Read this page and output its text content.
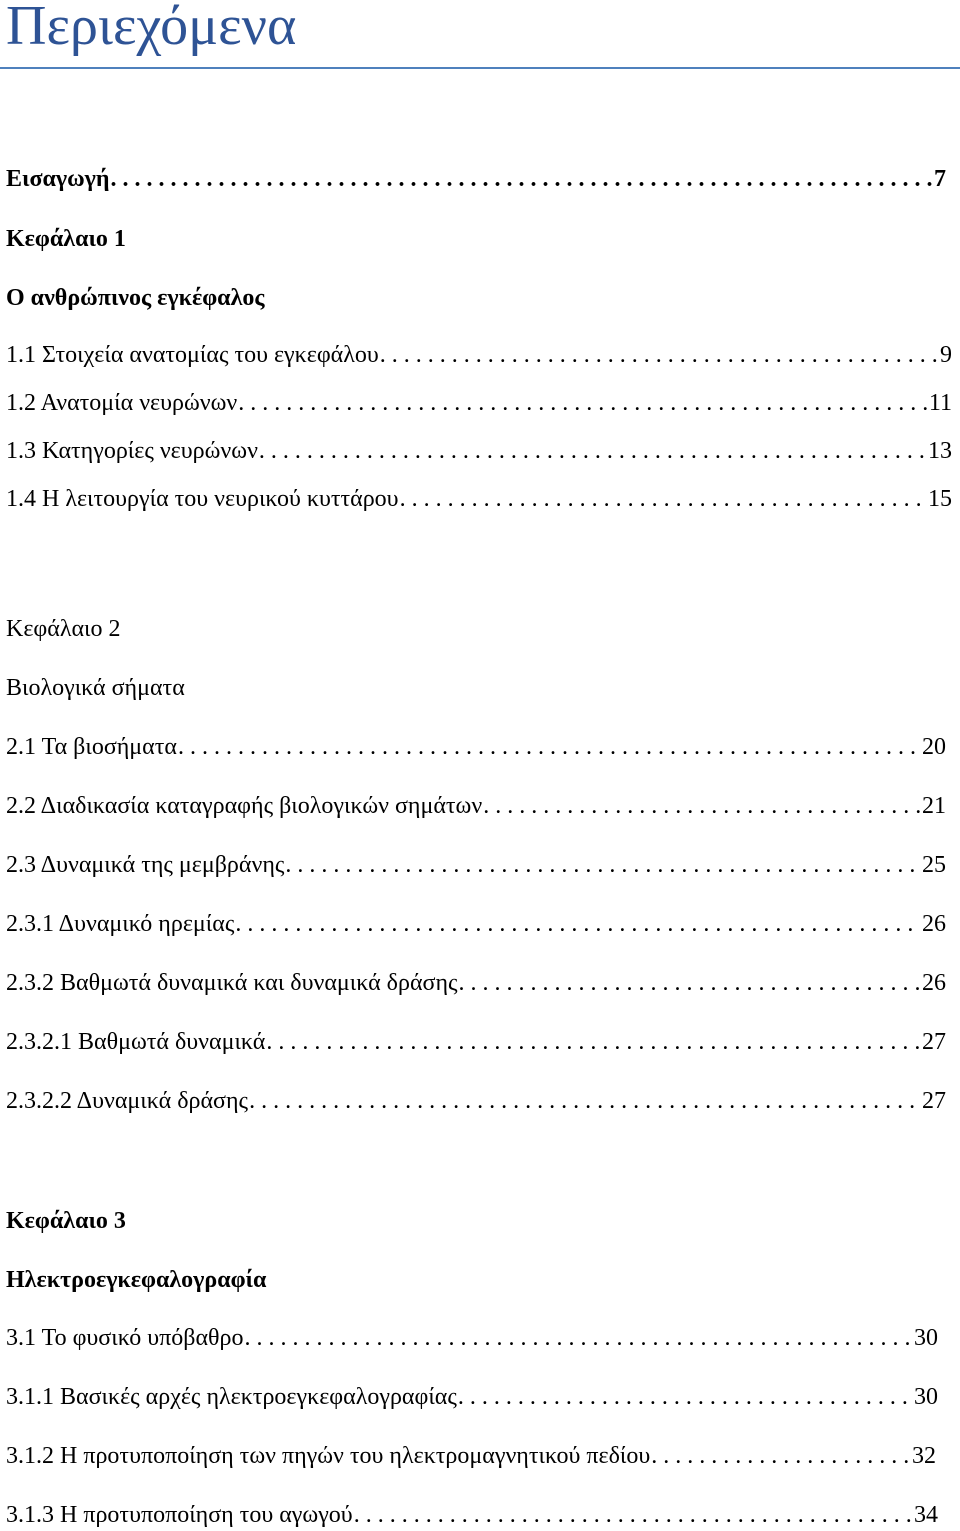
Περιεχόμενα
Εισαγωγή .....	7
Κεφάλαιο 1
Ο ανθρώπινος εγκέφαλος
1.1 Στοιχεία ανατομίας του εγκεφάλου .....	9
1.2 Ανατομία νευρώνων .....	11
1.3 Κατηγορίες νευρώνων .....	13
1.4 Η λειτουργία του νευρικού κυττάρου .....	15
Κεφάλαιο 2
Βιολογικά σήματα
2.1 Τα βιοσήματα .....	20
2.2 Διαδικασία καταγραφής βιολογικών σημάτων .....	21
2.3 Δυναμικά της μεμβράνης .....	25
2.3.1 Δυναμικό ηρεμίας .....	26
2.3.2 Βαθμωτά δυναμικά και δυναμικά δράσης .....	26
2.3.2.1 Βαθμωτά δυναμικά .....	27
2.3.2.2 Δυναμικά δράσης .....	27
Κεφάλαιο 3
Ηλεκτροεγκεφαλογραφία
3.1 Το φυσικό υπόβαθρο .....	30
3.1.1 Βασικές αρχές ηλεκτροεγκεφαλογραφίας .....	30
3.1.2 Η προτυποποίηση των πηγών του ηλεκτρομαγνητικού πεδίου .....	32
3.1.3 Η προτυποποίηση του αγωγού .....	34
